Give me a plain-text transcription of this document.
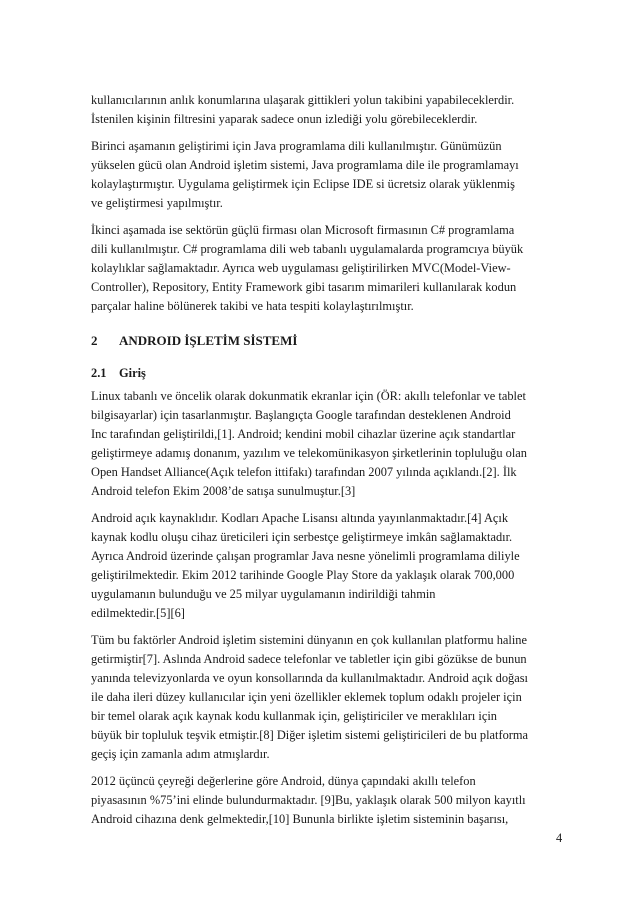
kullanıcılarının anlık konumlarına ulaşarak gittikleri yolun takibini yapabileceklerdir.
İstenilen kişinin filtresini yaparak sadece onun izlediği yolu görebileceklerdir.

Birinci aşamanın geliştirimi için Java programlama dili kullanılmıştır. Günümüzün
yükselen gücü olan Android işletim sistemi, Java programlama dile ile programlamayı
kolaylaştırmıştır. Uygulama geliştirmek için Eclipse IDE si ücretsiz olarak yüklenmiş
ve geliştirmesi yapılmıştır.

İkinci aşamada ise sektörün güçlü firması olan Microsoft firmasının C# programlama
dili kullanılmıştır. C# programlama dili web tabanlı uygulamalarda programcıya büyük
kolaylıklar sağlamaktadır. Ayrıca web uygulaması geliştirilirken MVC(Model-View-
Controller), Repository, Entity Framework gibi tasarım mimarileri kullanılarak kodun
parçalar haline bölünerek takibi ve hata tespiti kolaylaştırılmıştır.

2 ANDROID İŞLETİM SİSTEMİ
2.1 Giriş

Linux tabanlı ve öncelik olarak dokunmatik ekranlar için (ÖR: akıllı telefonlar ve tablet
bilgisayarlar) için tasarlanmıştır. Başlangıçta Google tarafından desteklenen Android
Inc tarafından geliştirildi,[1]. Android; kendini mobil cihazlar üzerine açık standartlar
geliştirmeye adamış donanım, yazılım ve telekomünikasyon şirketlerinin topluluğu olan
Open Handset Alliance(Açık telefon ittifakı) tarafından 2007 yılında açıklandı.[2]. İlk
Android telefon Ekim 2008’de satışa sunulmuştur.[3]

Android açık kaynaklıdır. Kodları Apache Lisansı altında yayınlanmaktadır.[4] Açık
kaynak kodlu oluşu cihaz üreticileri için serbestçe geliştirmeye imkân sağlamaktadır.
Ayrıca Android üzerinde çalışan programlar Java nesne yönelimli programlama diliyle
geliştirilmektedir. Ekim 2012 tarihinde Google Play Store da yaklaşık olarak 700,000
uygulamanın bulunduğu ve 25 milyar uygulamanın indirildiği tahmin
edilmektedir.[5][6]

Tüm bu faktörler Android işletim sistemini dünyanın en çok kullanılan platformu haline
getirmiştir[7]. Aslında Android sadece telefonlar ve tabletler için gibi gözükse de bunun
yanında televizyonlarda ve oyun konsollarında da kullanılmaktadır. Android açık doğası
ile daha ileri düzey kullanıcılar için yeni özellikler eklemek toplum odaklı projeler için
bir temel olarak açık kaynak kodu kullanmak için, geliştiriciler ve meraklıları için
büyük bir topluluk teşvik etmiştir.[8] Diğer işletim sistemi geliştiricileri de bu platforma
geçiş için zamanla adım atmışlardır.

2012 üçüncü çeyreği değerlerine göre Android, dünya çapındaki akıllı telefon
piyasasının %75’ini elinde bulundurmaktadır. [9]Bu, yaklaşık olarak 500 milyon kayıtlı
Android cihazına denk gelmektedir,[10] Bununla birlikte işletim sisteminin başarısı,

4
